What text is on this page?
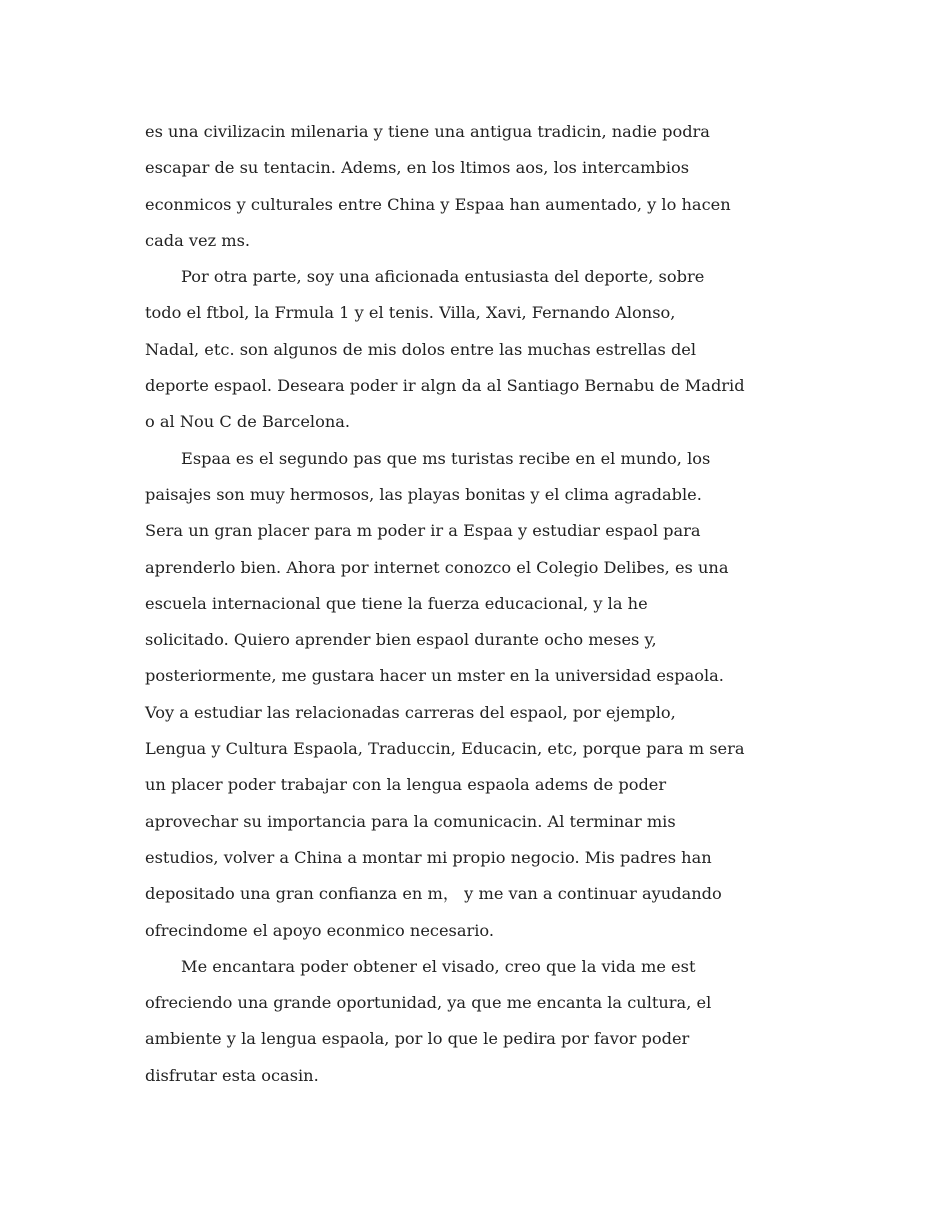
es una civilizacin milenaria y tiene una antigua tradicin, nadie podra
escapar de su tentacin. Adems, en los ltimos aos, los intercambios
econmicos y culturales entre China y Espaa han aumentado, y lo hacen
cada vez ms.
Por otra parte, soy una aficionada entusiasta del deporte, sobre
todo el ftbol, la Frmula 1 y el tenis. Villa, Xavi, Fernando Alonso,
Nadal, etc. son algunos de mis dolos entre las muchas estrellas del
deporte espaol. Deseara poder ir algn da al Santiago Bernabu de Madrid
o al Nou C de Barcelona.
Espaa es el segundo pas que ms turistas recibe en el mundo, los
paisajes son muy hermosos, las playas bonitas y el clima agradable.
Sera un gran placer para m poder ir a Espaa y estudiar espaol para
aprenderlo bien. Ahora por internet conozco el Colegio Delibes, es una
escuela internacional que tiene la fuerza educacional, y la he
solicitado. Quiero aprender bien espaol durante ocho meses y,
posteriormente, me gustara hacer un mster en la universidad espaola.
Voy a estudiar las relacionadas carreras del espaol, por ejemplo,
Lengua y Cultura Espaola, Traduccin, Educacin, etc, porque para m sera
un placer poder trabajar con la lengua espaola adems de poder
aprovechar su importancia para la comunicacin. Al terminar mis
estudios, volver a China a montar mi propio negocio. Mis padres han
depositado una gran confianza en m， y me van a continuar ayudando
ofrecindome el apoyo econmico necesario.
Me encantara poder obtener el visado, creo que la vida me est
ofreciendo una grande oportunidad, ya que me encanta la cultura, el
ambiente y la lengua espaola, por lo que le pedira por favor poder
disfrutar esta ocasin.
